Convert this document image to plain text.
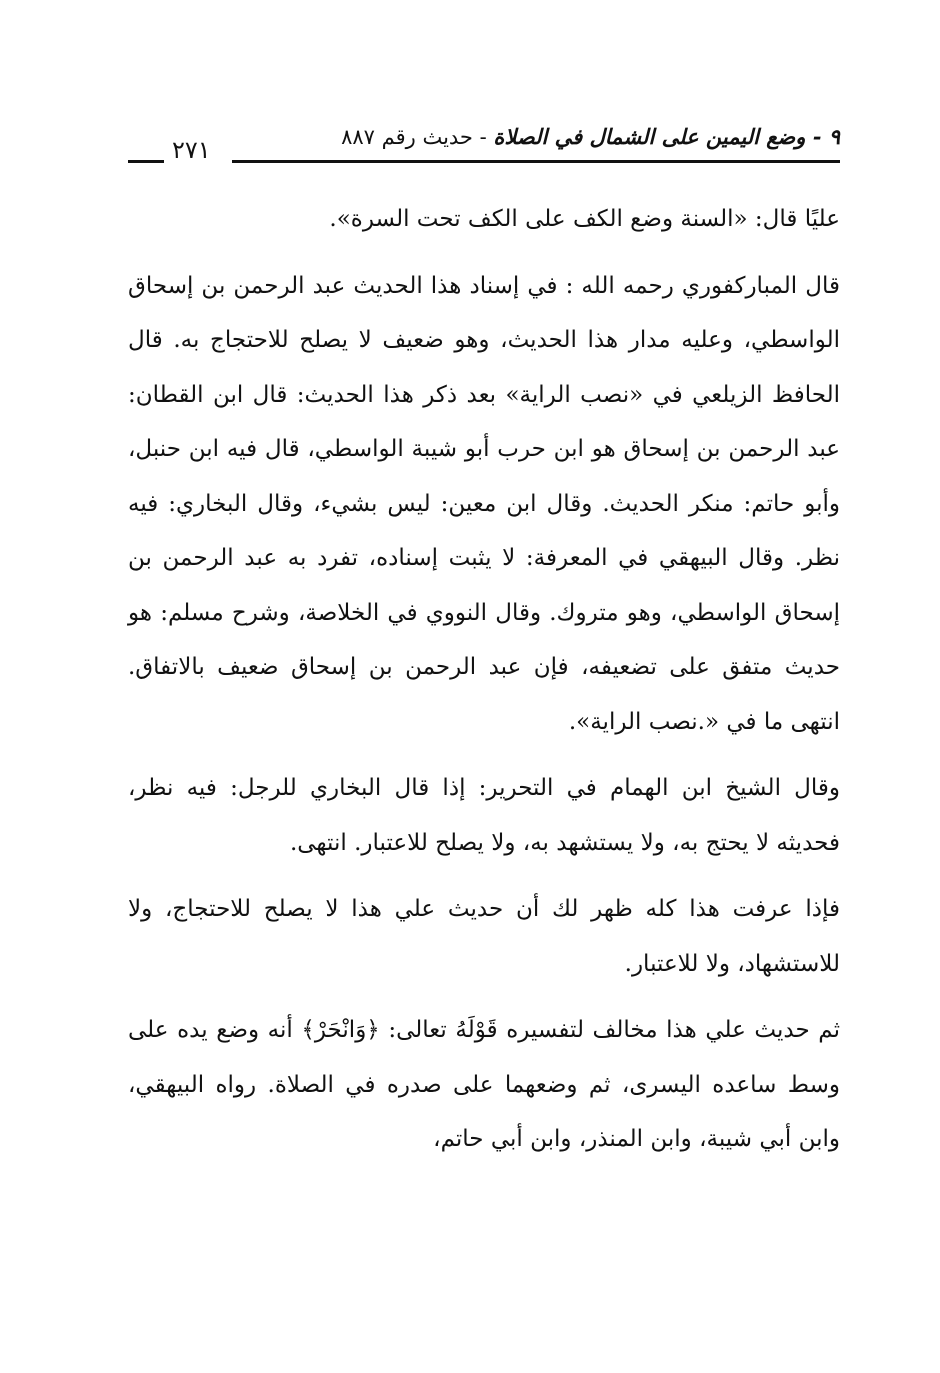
٩ - وضع اليمين على الشمال في الصلاة - حديث رقم ٨٨٧
٢٧١

عليًا قال: «السنة وضع الكف على الكف تحت السرة».

قال المباركفوري رحمه الله : في إسناد هذا الحديث عبد الرحمن بن إسحاق الواسطي، وعليه مدار هذا الحديث، وهو ضعيف لا يصلح للاحتجاج به. قال الحافظ الزيلعي في «نصب الراية» بعد ذكر هذا الحديث: قال ابن القطان: عبد الرحمن بن إسحاق هو ابن حرب أبو شيبة الواسطي، قال فيه ابن حنبل، وأبو حاتم: منكر الحديث. وقال ابن معين: ليس بشيء، وقال البخاري: فيه نظر. وقال البيهقي في المعرفة: لا يثبت إسناده، تفرد به عبد الرحمن بن إسحاق الواسطي، وهو متروك. وقال النووي في الخلاصة، وشرح مسلم: هو حديث متفق على تضعيفه، فإن عبد الرحمن بن إسحاق ضعيف بالاتفاق. انتهى ما في «.نصب الراية».

وقال الشيخ ابن الهمام في التحرير: إذا قال البخاري للرجل: فيه نظر، فحديثه لا يحتج به، ولا يستشهد به، ولا يصلح للاعتبار. انتهى.

فإذا عرفت هذا كله ظهر لك أن حديث علي هذا لا يصلح للاحتجاج، ولا للاستشهاد، ولا للاعتبار.

ثم حديث علي هذا مخالف لتفسيره قَوْلَهُ تعالى: ﴿وَانْحَرْ﴾ أنه وضع يده على وسط ساعده اليسرى، ثم وضعهما على صدره في الصلاة. رواه البيهقي، وابن أبي شيبة، وابن المنذر، وابن أبي حاتم،
